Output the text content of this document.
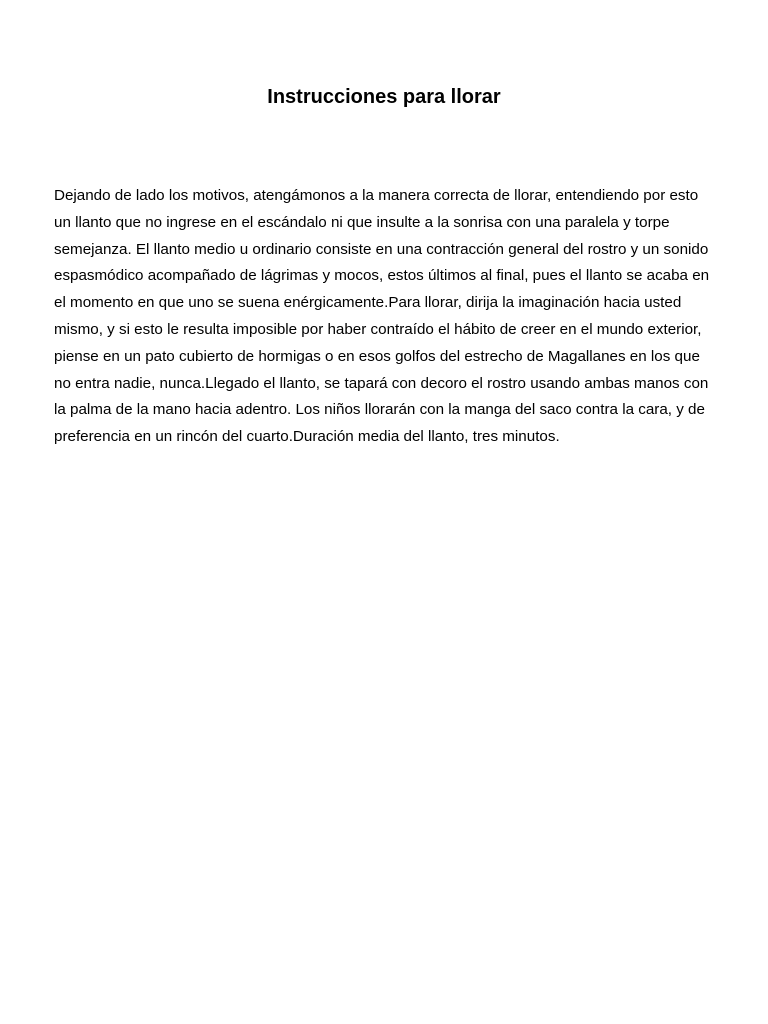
Instrucciones para llorar

Dejando de lado los motivos, atengámonos a la manera correcta de llorar, entendiendo por esto un llanto que no ingrese en el escándalo ni que insulte a la sonrisa con una paralela y torpe semejanza. El llanto medio u ordinario consiste en una contracción general del rostro y un sonido espasmódico acompañado de lágrimas y mocos, estos últimos al final, pues el llanto se acaba en el momento en que uno se suena enérgicamente.Para llorar, dirija la imaginación hacia usted mismo, y si esto le resulta imposible por haber contraído el hábito de creer en el mundo exterior, piense en un pato cubierto de hormigas o en esos golfos del estrecho de Magallanes en los que no entra nadie, nunca.Llegado el llanto, se tapará con decoro el rostro usando ambas manos con la palma de la mano hacia adentro. Los niños llorarán con la manga del saco contra la cara, y de preferencia en un rincón del cuarto.Duración media del llanto, tres minutos.
